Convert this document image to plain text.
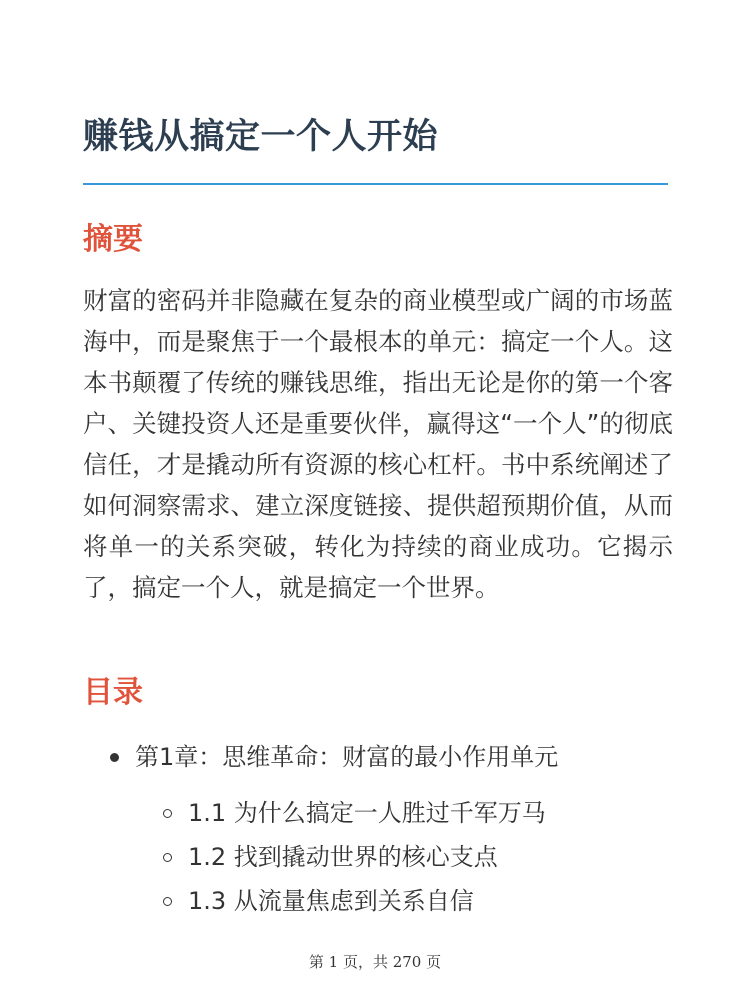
赚钱从搞定一个人开始
摘要

财富的密码并非隐藏在复杂的商业模型或广阔的市场蓝海中，而是聚焦于一个最根本的单元：搞定一个人。这本书颠覆了传统的赚钱思维，指出无论是你的第一个客户、关键投资人还是重要伙伴，赢得这“一个人”的彻底信任，才是撬动所有资源的核心杠杆。书中系统阐述了如何洞察需求、建立深度链接、提供超预期价值，从而将单一的关系突破，转化为持续的商业成功。它揭示了，搞定一个人，就是搞定一个世界。

目录
第1章：思维革命：财富的最小作用单元
1.1 为什么搞定一人胜过千军万马
1.2 找到撬动世界的核心支点
1.3 从流量焦虑到关系自信
第 1 页，共 270 页
